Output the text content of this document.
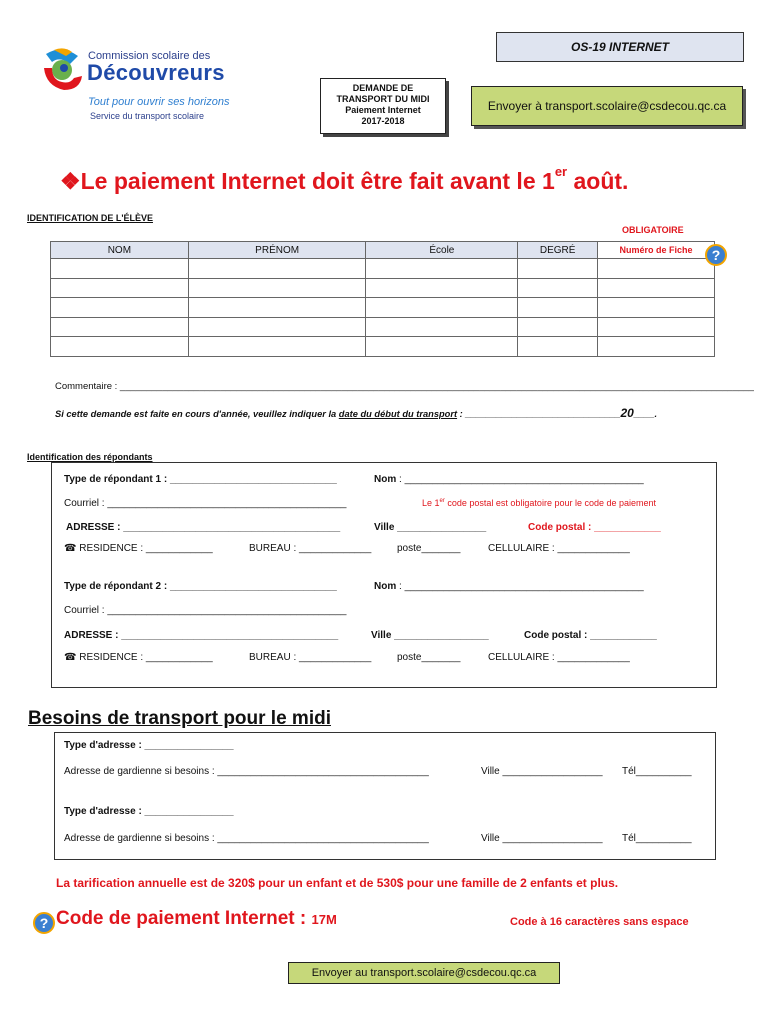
Commission scolaire des
Découvreurs
Tout pour ouvrir ses horizons
Service du transport scolaire
OS-19 INTERNET
DEMANDE DE
TRANSPORT DU MIDI
Paiement Internet
2017-2018
Envoyer à transport.scolaire@csdecou.qc.ca
❖Le paiement Internet doit être fait avant le 1er août.
IDENTIFICATION DE L'ÉLÈVE
OBLIGATOIRE
NOM	PRÉNOM	École	DEGRÉ	Numéro de Fiche

					?
Commentaire : ________________________________________________________________________________________________________________________
Si cette demande est faite en cours d'année, veuillez indiquer la date du début du transport : ______________________________20____.
Identification des répondants
Type de répondant 1 : ______________________________	Nom : ___________________________________________
Courriel : ___________________________________________	Le 1er code postal est obligatoire pour le code de paiement
ADRESSE : _______________________________________	Ville ________________	Code postal : ____________
☎ RESIDENCE : ____________	BUREAU : _____________	poste_______	CELLULAIRE : _____________
Type de répondant 2 : ______________________________	Nom : ___________________________________________
Courriel : ___________________________________________
ADRESSE : _______________________________________	Ville _________________	Code postal : ____________
☎ RESIDENCE : ____________	BUREAU : _____________	poste_______	CELLULAIRE : _____________
Besoins de transport pour le midi
Type d'adresse : ________________
Adresse de gardienne si besoins : ______________________________________	Ville __________________ Tél__________
Type d'adresse : ________________
Adresse de gardienne si besoins : ______________________________________	Ville __________________ Tél__________
La tarification annuelle est de 320$ pour un enfant et de 530$ pour une famille de 2 enfants et plus.
? Code de paiement Internet : 17M	Code à 16 caractères sans espace
Envoyer au transport.scolaire@csdecou.qc.ca
